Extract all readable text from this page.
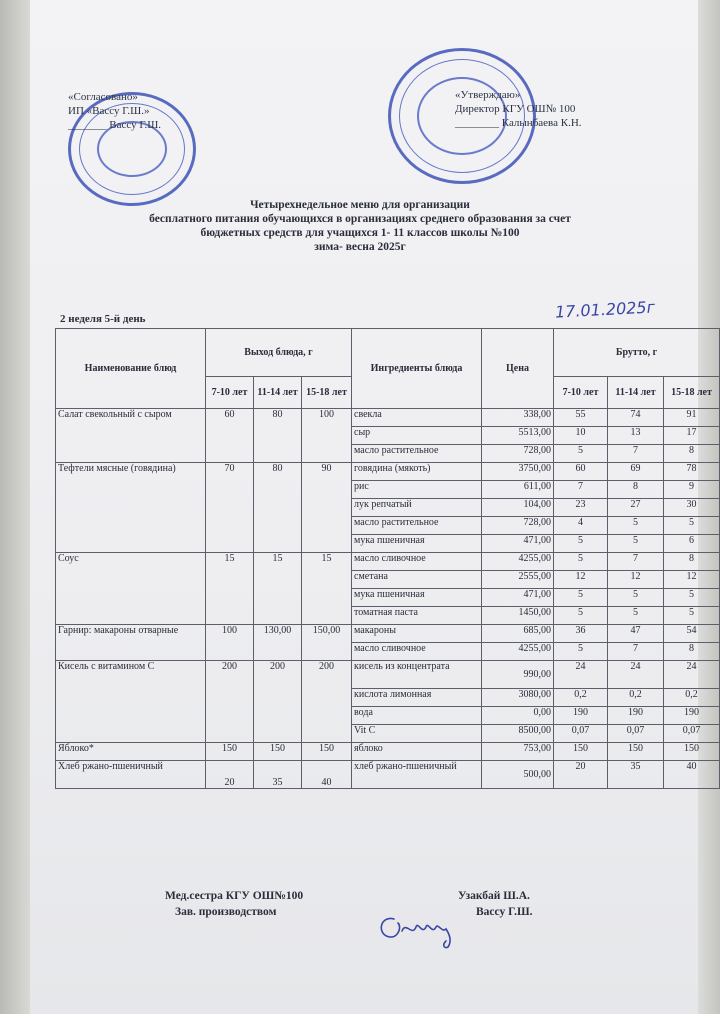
«Согласовано»
ИП «Вассу Г.Ш.»
_______ Вассу Г.Ш.
«Утверждаю»
Директор КГУ ОШ№ 100
________ Калынбаева К.Н.
Четырехнедельное меню для организации
бесплатного питания обучающихся в организациях среднего образования за счет
бюджетных средств для учащихся 1- 11 классов школы №100
зима- весна 2025г
2 неделя 5-й день	17.01.2025г
Наименование блюд	Выход блюда, г			Ингредиенты блюда	Цена	Брутто, г		
	7-10 лет	11-14 лет	15-18 лет			7-10 лет	11-14 лет	15-18 лет
Салат свекольный с сыром	60	80	100	свекла	338,00	55	74	91
				сыр	5513,00	10	13	17
				масло растительное	728,00	5	7	8
Тефтели мясные (говядина)	70	80	90	говядина (мякоть)	3750,00	60	69	78
				рис	611,00	7	8	9
				лук репчатый	104,00	23	27	30
				масло растительное	728,00	4	5	5
				мука пшеничная	471,00	5	5	6
Соус	15	15	15	масло сливочное	4255,00	5	7	8
				сметана	2555,00	12	12	12
				мука пшеничная	471,00	5	5	5
				томатная паста	1450,00	5	5	5
Гарнир: макароны отварные	100	130,00	150,00	макароны	685,00	36	47	54
				масло сливочное	4255,00	5	7	8
Кисель с витамином С	200	200	200	кисель из концентрата	990,00	24	24	24
				кислота лимонная	3080,00	0,2	0,2	0,2
				вода	0,00	190	190	190
				Vit C	8500,00	0,07	0,07	0,07
Яблоко*	150	150	150	яблоко	753,00	150	150	150
Хлеб ржано-пшеничный	20	35	40	хлеб ржано-пшеничный	500,00	20	35	40
Мед.сестра КГУ ОШ№100
Зав. производством
Узакбай Ш.А.
Вассу Г.Ш.
